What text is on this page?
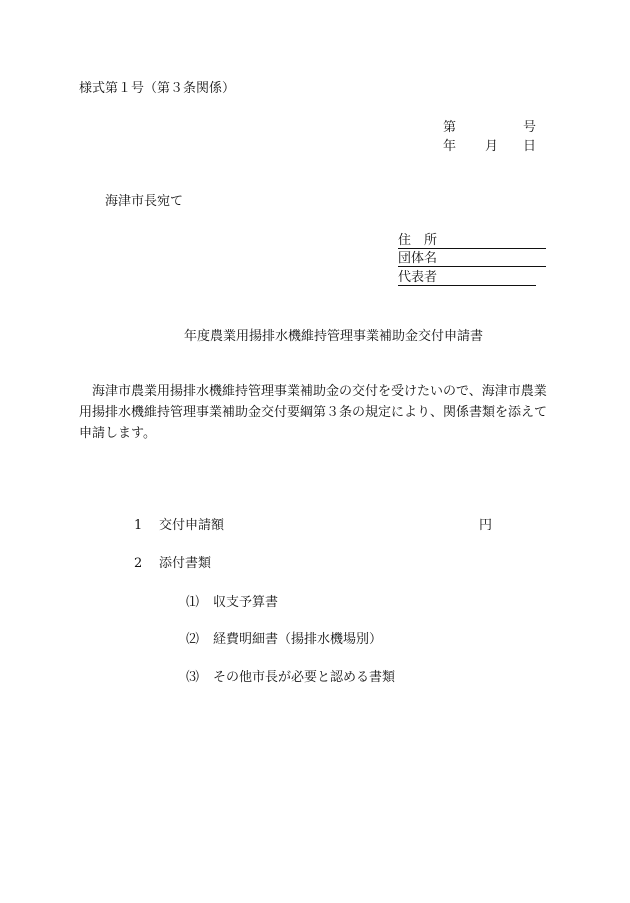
様式第１号（第３条関係）
第	号
年 月 日
海津市長宛て
住　所
団体名
代表者
年度農業用揚排水機維持管理事業補助金交付申請書

海津市農業用揚排水機維持管理事業補助金の交付を受けたいので、海津市農業

用揚排水機維持管理事業補助金交付要綱第３条の規定により、関係書類を添えて

申請します。

1 交付申請額	円
2 添付書類
⑴ 収支予算書
⑵ 経費明細書（揚排水機場別）
⑶ その他市長が必要と認める書類
